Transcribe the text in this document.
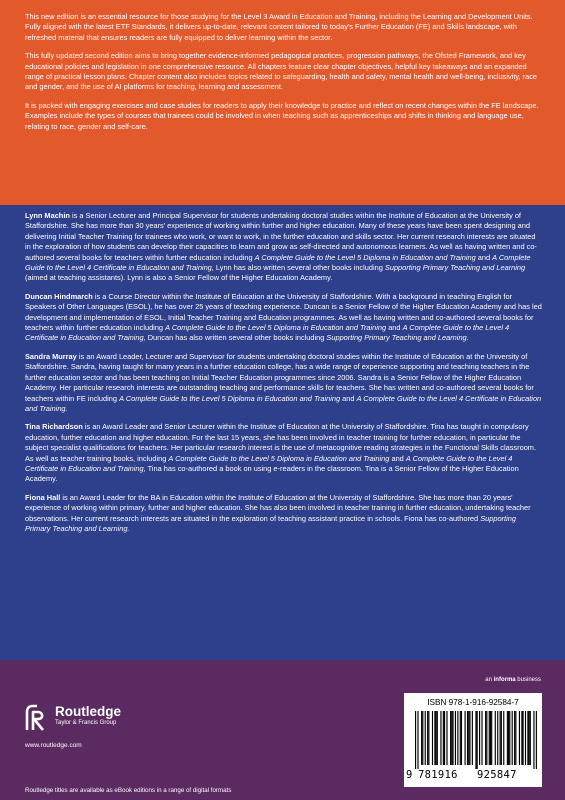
This new edition is an essential resource for those studying for the Level 3 Award in Education and Training, including the Learning and Development Units. Fully aligned with the latest ETF Standards, it delivers up-to-date, relevant content tailored to today's Further Education (FE) and Skills landscape, with refreshed material that ensures readers are fully equipped to deliver learning within the sector.

This fully updated second edition aims to bring together evidence-informed pedagogical practices, progression pathways, the Ofsted Framework, and key educational policies and legislation in one comprehensive resource. All chapters feature clear chapter objectives, helpful key takeaways and an expanded range of practical lesson plans. Chapter content also includes topics related to safeguarding, health and safety, mental health and well-being, inclusivity, race and gender, and the use of AI platforms for teaching, learning and assessment.

It is packed with engaging exercises and case studies for readers to apply their knowledge to practice and reflect on recent changes within the FE landscape. Examples include the types of courses that trainees could be involved in when teaching such as apprenticeships and shifts in thinking and language use, relating to race, gender and self-care.

Lynn Machin is a Senior Lecturer and Principal Supervisor for students undertaking doctoral studies within the Institute of Education at the University of Staffordshire. She has more than 30 years' experience of working within further and higher education. Many of these years have been spent designing and delivering Initial Teacher Training for trainees who work, or want to work, in the further education and skills sector. Her current research interests are situated in the exploration of how students can develop their capacities to learn and grow as self-directed and autonomous learners. As well as having written and co-authored several books for teachers within further education including A Complete Guide to the Level 5 Diploma in Education and Training and A Complete Guide to the Level 4 Certificate in Education and Training, Lynn has also written several other books including Supporting Primary Teaching and Learning (aimed at teaching assistants). Lynn is also a Senior Fellow of the Higher Education Academy.

Duncan Hindmarch is a Course Director within the Institute of Education at the University of Staffordshire. With a background in teaching English for Speakers of Other Languages (ESOL), he has over 25 years of teaching experience. Duncan is a Senior Fellow of the Higher Education Academy and has led development and implementation of ESOL, Initial Teacher Training and Education programmes. As well as having written and co-authored several books for teachers within further education including A Complete Guide to the Level 5 Diploma in Education and Training and A Complete Guide to the Level 4 Certificate in Education and Training, Duncan has also written several other books including Supporting Primary Teaching and Learning.

Sandra Murray is an Award Leader, Lecturer and Supervisor for students undertaking doctoral studies within the Institute of Education at the University of Staffordshire. Sandra, having taught for many years in a further education college, has a wide range of experience supporting and teaching teachers in the further education sector and has been teaching on Initial Teacher Education programmes since 2006. Sandra is a Senior Fellow of the Higher Education Academy. Her particular research interests are outstanding teaching and performance skills for teachers. She has written and co-authored several books for teachers within FE including A Complete Guide to the Level 5 Diploma in Education and Training and A Complete Guide to the Level 4 Certificate in Education and Training.

Tina Richardson is an Award Leader and Senior Lecturer within the Institute of Education at the University of Staffordshire. Tina has taught in compulsory education, further education and higher education. For the last 15 years, she has been involved in teacher training for further education, in particular the subject specialist qualifications for teachers. Her particular research interest is the use of metacognitive reading strategies in the Functional Skills classroom. As well as teacher training books, including A Complete Guide to the Level 5 Diploma in Education and Training and A Complete Guide to the Level 4 Certificate in Education and Training, Tina has co-authored a book on using e-readers in the classroom. Tina is a Senior Fellow of the Higher Education Academy.

Fiona Hall is an Award Leader for the BA in Education within the Institute of Education at the University of Staffordshire. She has more than 20 years' experience of working within primary, further and higher education. She has also been involved in teacher training in further education, undertaking teacher observations. Her current research interests are situated in the exploration of teaching assistant practice in schools. Fiona has co-authored Supporting Primary Teaching and Learning.

an informa business
Routledge
Taylor & Francis Group
www.routledge.com
ISBN 978-1-916-92584-7
9 781916 925847
Routledge titles are available as eBook editions in a range of digital formats
